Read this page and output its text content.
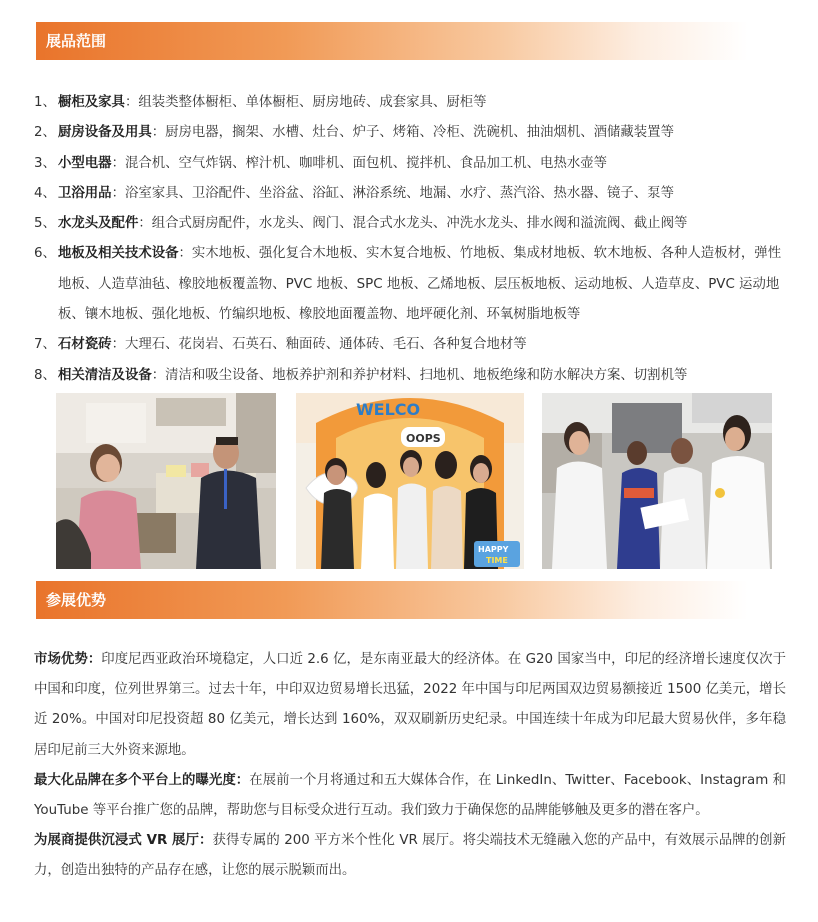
展品范围
1、 橱柜及家具：组装类整体橱柜、单体橱柜、厨房地砖、成套家具、厨柜等
2、 厨房设备及用具：厨房电器，搁架、水槽、灶台、炉子、烤箱、冷柜、洗碗机、抽油烟机、酒储藏装置等
3、 小型电器：混合机、空气炸锅、榨汁机、咖啡机、面包机、搅拌机、食品加工机、电热水壶等
4、 卫浴用品：浴室家具、卫浴配件、坐浴盆、浴缸、淋浴系统、地漏、水疗、蒸汽浴、热水器、镜子、泵等
5、 水龙头及配件：组合式厨房配件，水龙头、阀门、混合式水龙头、冲洗水龙头、排水阀和溢流阀、截止阀等
6、 地板及相关技术设备：实木地板、强化复合木地板、实木复合地板、竹地板、集成材地板、软木地板、各种人造板材，弹性地板、人造草油毡、橡胶地板覆盖物、PVC 地板、SPC 地板、乙烯地板、层压板地板、运动地板、人造草皮、PVC 运动地板、镶木地板、强化地板、竹编织地板、橡胶地面覆盖物、地坪硬化剂、环氧树脂地板等
7、 石材瓷砖：大理石、花岗岩、石英石、釉面砖、通体砖、毛石、各种复合地材等
8、 相关清洁及设备：清洁和吸尘设备、地板养护剂和养护材料、扫地机、地板绝缘和防水解决方案、切割机等
WELCO
OOPS
HAPPY
TIME
参展优势

市场优势：印度尼西亚政治环境稳定，人口近 2.6 亿，是东南亚最大的经济体。在 G20 国家当中，印尼的经济增长速度仅次于中国和印度，位列世界第三。过去十年，中印双边贸易增长迅猛，2022 年中国与印尼两国双边贸易额接近 1500 亿美元，增长近 20%。中国对印尼投资超 80 亿美元，增长达到 160%，双双刷新历史纪录。中国连续十年成为印尼最大贸易伙伴，多年稳居印尼前三大外资来源地。

最大化品牌在多个平台上的曝光度：在展前一个月将通过和五大媒体合作，在 LinkedIn、Twitter、Facebook、Instagram 和 YouTube 等平台推广您的品牌，帮助您与目标受众进行互动。我们致力于确保您的品牌能够触及更多的潜在客户。

为展商提供沉浸式 VR 展厅：获得专属的 200 平方米个性化 VR 展厅。将尖端技术无缝融入您的产品中，有效展示品牌的创新力，创造出独特的产品存在感，让您的展示脱颖而出。
